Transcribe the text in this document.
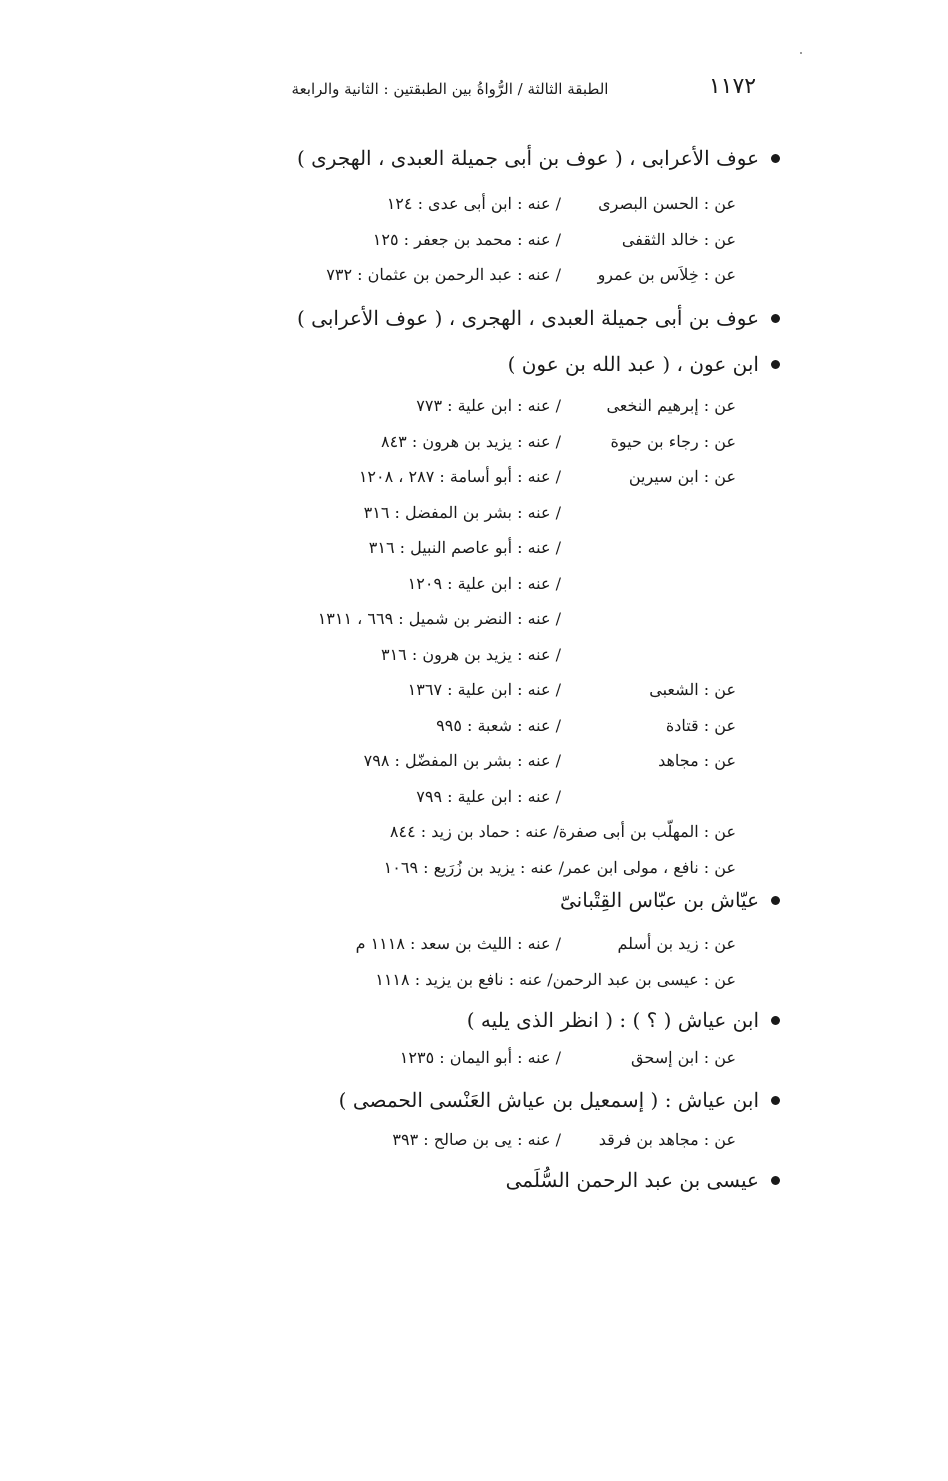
١١٧٢
الطبقة الثالثة / الرُّواةُ بين الطبقتين : الثانية والرابعة
عوف الأعرابى ، ( عوف بن أبى جميلة العبدى ، الهجرى )
عن : الحسن البصرى
/ عنه : ابن أبى عدى : ١٢٤
عن : خالد الثقفى
/ عنه : محمد بن جعفر : ١٢٥
عن : خِلاَس بن عمرو
/ عنه : عبد الرحمن بن عثمان : ٧٣٢
عوف بن أبى جميلة العبدى ، الهجرى ، ( عوف الأعرابى )
ابن عون ، ( عبد الله بن عون )
عن : إبرهيم النخعى
/ عنه : ابن علية : ٧٧٣
عن : رجاء بن حيوة
/ عنه : يزيد بن هرون : ٨٤٣
عن : ابن سيرين
/ عنه : أبو أسامة : ٢٨٧ ، ١٢٠٨
/ عنه : بشر بن المفضل : ٣١٦
/ عنه : أبو عاصم النبيل : ٣١٦
/ عنه : ابن علية : ١٢٠٩
/ عنه : النضر بن شميل : ٦٦٩ ، ١٣١١
/ عنه : يزيد بن هرون : ٣١٦
عن : الشعبى
/ عنه : ابن علية : ١٣٦٧
عن : قتادة
/ عنه : شعبة : ٩٩٥
عن : مجاهد
/ عنه : بشر بن المفضّل : ٧٩٨
/ عنه : ابن علية : ٧٩٩
عن : المهلّب بن أبى صفرة/ عنه : حماد بن زيد : ٨٤٤
عن : نافع ، مولى ابن عمر/ عنه : يزيد بن زُرَيع : ١٠٦٩
عيّاش بن عبّاس القِتْبانىّ
عن : زيد بن أسلم
/ عنه : الليث بن سعد : ١١١٨ م
عن : عيسى بن عبد الرحمن/ عنه : نافع بن يزيد : ١١١٨
ابن عياش ( ؟ ) : ( انظر الذى يليه )
عن : ابن إسحق
/ عنه : أبو اليمان : ١٢٣٥
ابن عياش : ( إسمعيل بن عياش العَنْسى الحمصى )
عن : مجاهد بن فرقد
/ عنه : يى بن صالح : ٣٩٣
عيسى بن عبد الرحمن السُّلَمى
